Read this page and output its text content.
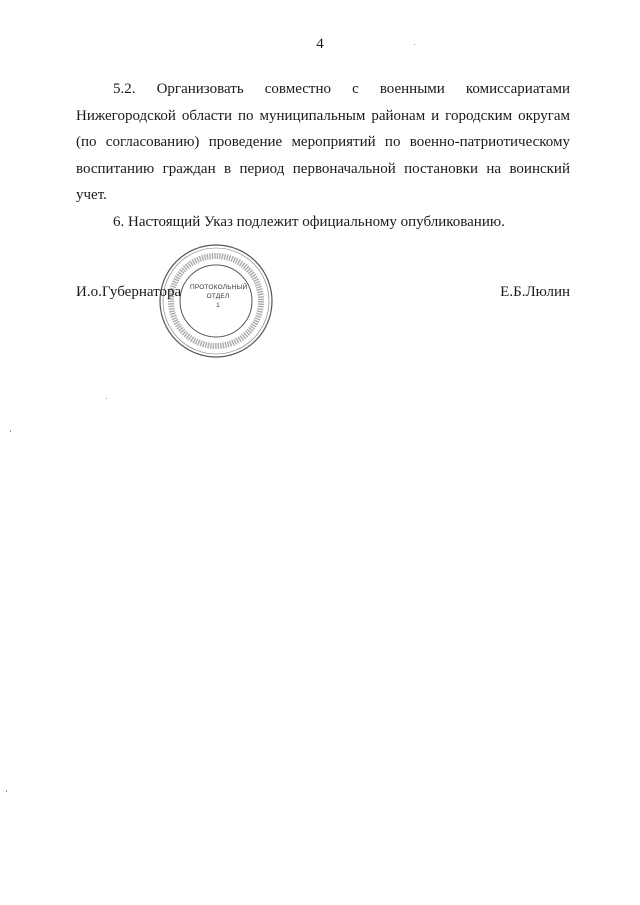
4

5.2. Организовать совместно с военными комиссариатами
Нижегородской области по муниципальным районам и городским округам (по согласованию) проведение мероприятий по военно-патриотическому воспитанию граждан в период первоначальной постановки на воинский учет.

6. Настоящий Указ подлежит официальному опубликованию.

ПРОТОКОЛЬНЫЙ
ОТДЕЛ
1
И.о.Губернатора	Е.Б.Люлин
